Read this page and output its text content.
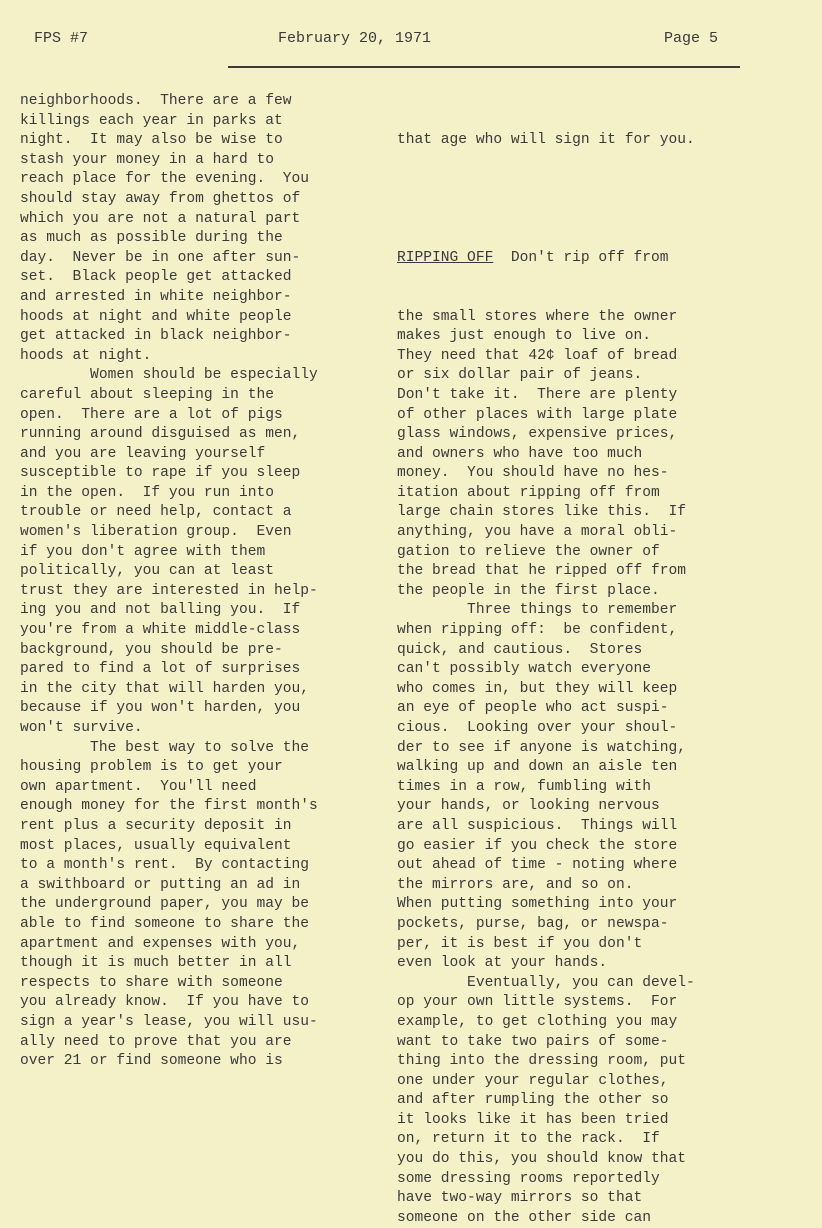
FPS #7	February 20, 1971	Page 5
neighborhoods.  There are a few
killings each year in parks at
night.  It may also be wise to
stash your money in a hard to
reach place for the evening.  You
should stay away from ghettos of
which you are not a natural part
as much as possible during the
day.  Never be in one after sun-
set.  Black people get attacked
and arrested in white neighbor-
hoods at night and white people
get attacked in black neighbor-
hoods at night.
Women should be especially
careful about sleeping in the
open.  There are a lot of pigs
running around disguised as men,
and you are leaving yourself
susceptible to rape if you sleep
in the open.  If you run into
trouble or need help, contact a
women's liberation group.  Even
if you don't agree with them
politically, you can at least
trust they are interested in help-
ing you and not balling you.  If
you're from a white middle-class
background, you should be pre-
pared to find a lot of surprises
in the city that will harden you,
because if you won't harden, you
won't survive.
The best way to solve the
housing problem is to get your
own apartment.  You'll need
enough money for the first month's
rent plus a security deposit in
most places, usually equivalent
to a month's rent.  By contacting
a swithboard or putting an ad in
the underground paper, you may be
able to find someone to share the
apartment and expenses with you,
though it is much better in all
respects to share with someone
you already know.  If you have to
sign a year's lease, you will usu-
ally need to prove that you are
over 21 or find someone who is

that age who will sign it for you.

RIPPING OFF  Don't rip off from

the small stores where the owner
makes just enough to live on.
They need that 42¢ loaf of bread
or six dollar pair of jeans.
Don't take it.  There are plenty
of other places with large plate
glass windows, expensive prices,
and owners who have too much
money.  You should have no hes-
itation about ripping off from
large chain stores like this.  If
anything, you have a moral obli-
gation to relieve the owner of
the bread that he ripped off from
the people in the first place.
Three things to remember
when ripping off:  be confident,
quick, and cautious.  Stores
can't possibly watch everyone
who comes in, but they will keep
an eye of people who act suspi-
cious.  Looking over your shoul-
der to see if anyone is watching,
walking up and down an aisle ten
times in a row, fumbling with
your hands, or looking nervous
are all suspicious.  Things will
go easier if you check the store
out ahead of time - noting where
the mirrors are, and so on.
When putting something into your
pockets, purse, bag, or newspa-
per, it is best if you don't
even look at your hands.
Eventually, you can devel-
op your own little systems.  For
example, to get clothing you may
want to take two pairs of some-
thing into the dressing room, put
one under your regular clothes,
and after rumpling the other so
it looks like it has been tried
on, return it to the rack.  If
you do this, you should know that
some dressing rooms reportedly
have two-way mirrors so that
someone on the other side can
